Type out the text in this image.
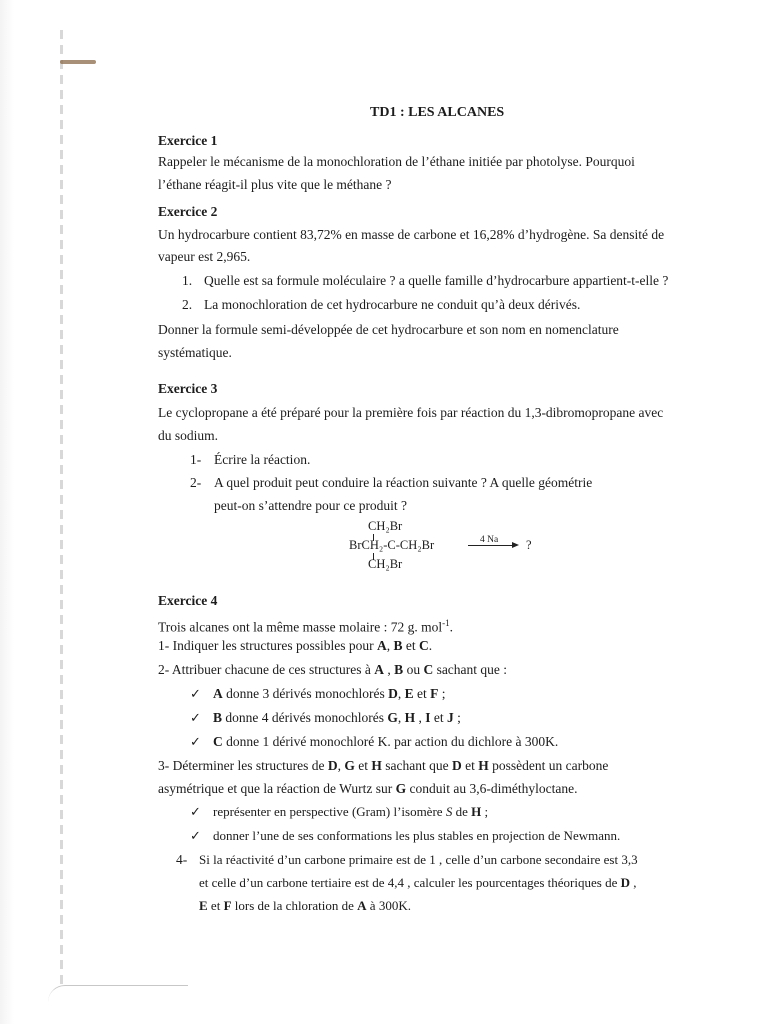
TD1 : LES ALCANES
Exercice 1
Rappeler le mécanisme de la monochloration de l’éthane initiée par photolyse. Pourquoi
l’éthane réagit-il plus vite que le méthane ?
Exercice 2
Un hydrocarbure contient 83,72% en masse de carbone et 16,28% d’hydrogène. Sa densité de
vapeur est 2,965.
1. Quelle est sa formule moléculaire ? a quelle famille d’hydrocarbure appartient-t-elle ?
2. La monochloration de cet hydrocarbure ne conduit qu’à deux dérivés.
Donner la formule semi-développée de cet hydrocarbure et son nom en nomenclature
systématique.
Exercice 3
Le cyclopropane a été préparé pour la première fois par réaction du 1,3-dibromopropane avec
du sodium.
1- Écrire la réaction.
2- A quel produit peut conduire la réaction suivante ? A quelle géométrie
peut-on s’attendre pour ce produit ?
CH₂Br
BrCH₂-C-CH₂Br
CH₂Br
4 Na ?
Exercice 4
Trois alcanes ont la même masse molaire : 72 g. mol$^{-1}$.
1- Indiquer les structures possibles pour A, B et C.
2- Attribuer chacune de ces structures à A , B ou C sachant que :
✓ A donne 3 dérivés monochlorés D, E et F ;
✓ B donne 4 dérivés monochlorés G, H , I et J ;
✓ C donne 1 dérivé monochloré K. par action du dichlore à 300K.
3- Déterminer les structures de D, G et H sachant que D et H possèdent un carbone
asymétrique et que la réaction de Wurtz sur G conduit au 3,6-diméthyloctane.
✓ représenter en perspective (Gram) l’isomère S de H ;
✓ donner l’une de ses conformations les plus stables en projection de Newmann.
4- Si la réactivité d’un carbone primaire est de 1 , celle d’un carbone secondaire est 3,3
et celle d’un carbone tertiaire est de 4,4 , calculer les pourcentages théoriques de D ,
E et F lors de la chloration de A à 300K.
